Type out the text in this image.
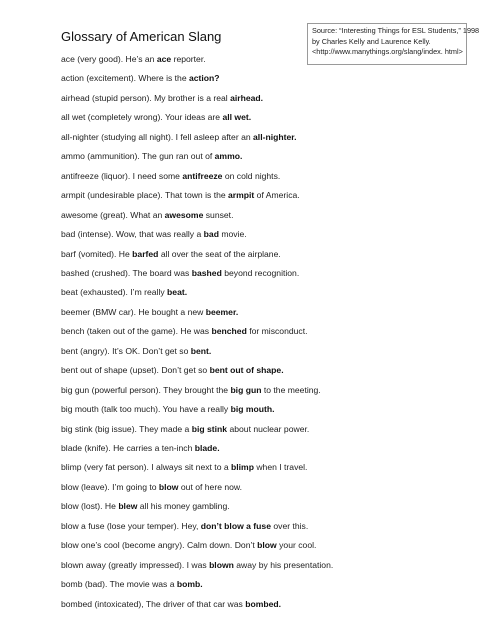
Glossary of American Slang	Source: “Interesting Things for ESL Students,” 1998
by Charles Kelly and Laurence Kelly.
<http://www.manythings.org/slang/index. html>
ace (very good). He’s an ace reporter.
action (excitement). Where is the action?
airhead (stupid person). My brother is a real airhead.
all wet (completely wrong). Your ideas are all wet.
all-nighter (studying all night). I fell asleep after an all-nighter.
ammo (ammunition). The gun ran out of ammo.
antifreeze (liquor). I need some antifreeze on cold nights.
armpit (undesirable place). That town is the armpit of America.
awesome (great). What an awesome sunset.
bad (intense). Wow, that was really a bad movie.
barf (vomited). He barfed all over the seat of the airplane.
bashed (crushed). The board was bashed beyond recognition.
beat (exhausted). I’m really beat.
beemer (BMW car). He bought a new beemer.
bench (taken out of the game). He was benched for misconduct.
bent (angry). It’s OK. Don’t get so bent.
bent out of shape (upset). Don’t get so bent out of shape.
big gun (powerful person). They brought the big gun to the meeting.
big mouth (talk too much). You have a really big mouth.
big stink (big issue). They made a big stink about nuclear power.
blade (knife). He carries a ten-inch blade.
blimp (very fat person). I always sit next to a blimp when I travel.
blow (leave). I’m going to blow out of here now.
blow (lost). He blew all his money gambling.
blow a fuse (lose your temper). Hey, don’t blow a fuse over this.
blow one’s cool (become angry). Calm down. Don’t blow your cool.
blown away (greatly impressed). I was blown away by his presentation.
bomb (bad). The movie was a bomb.
bombed (intoxicated), The driver of that car was bombed.
